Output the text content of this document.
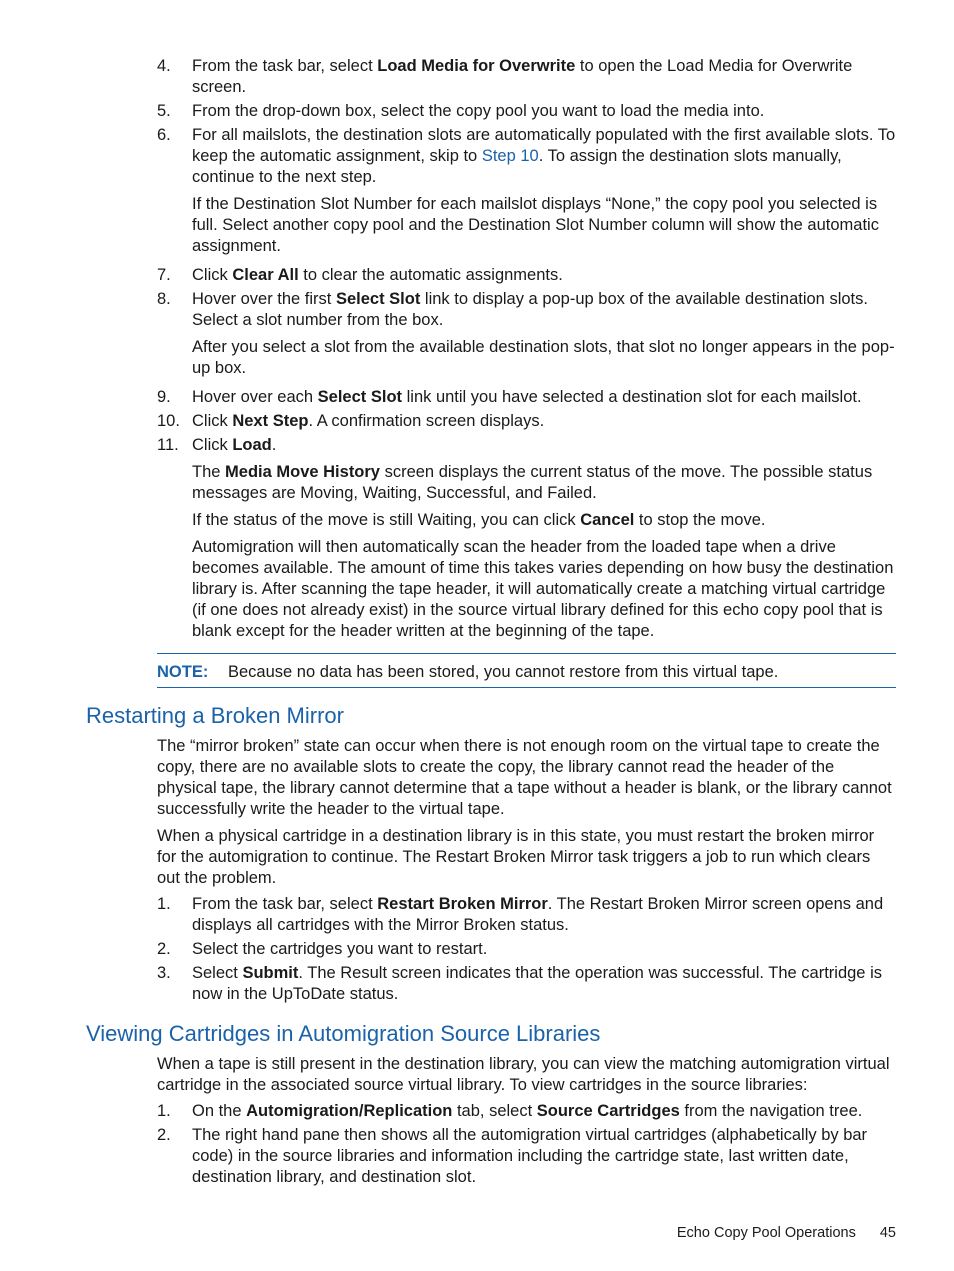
4.	From the task bar, select Load Media for Overwrite to open the Load Media for Overwrite screen.
5.	From the drop-down box, select the copy pool you want to load the media into.
6.	For all mailslots, the destination slots are automatically populated with the first available slots. To keep the automatic assignment, skip to Step 10. To assign the destination slots manually, continue to the next step.
If the Destination Slot Number for each mailslot displays “None,” the copy pool you selected is full. Select another copy pool and the Destination Slot Number column will show the automatic assignment.
7.	Click Clear All to clear the automatic assignments.
8.	Hover over the first Select Slot link to display a pop-up box of the available destination slots. Select a slot number from the box.
After you select a slot from the available destination slots, that slot no longer appears in the pop-up box.
9.	Hover over each Select Slot link until you have selected a destination slot for each mailslot.
10. Click Next Step. A confirmation screen displays.
11. Click Load.
The Media Move History screen displays the current status of the move. The possible status messages are Moving, Waiting, Successful, and Failed.
If the status of the move is still Waiting, you can click Cancel to stop the move.
Automigration will then automatically scan the header from the loaded tape when a drive becomes available. The amount of time this takes varies depending on how busy the destination library is. After scanning the tape header, it will automatically create a matching virtual cartridge (if one does not already exist) in the source virtual library defined for this echo copy pool that is blank except for the header written at the beginning of the tape.
NOTE: Because no data has been stored, you cannot restore from this virtual tape.
Restarting a Broken Mirror
The “mirror broken” state can occur when there is not enough room on the virtual tape to create the copy, there are no available slots to create the copy, the library cannot read the header of the physical tape, the library cannot determine that a tape without a header is blank, or the library cannot successfully write the header to the virtual tape.
When a physical cartridge in a destination library is in this state, you must restart the broken mirror for the automigration to continue. The Restart Broken Mirror task triggers a job to run which clears out the problem.
1.	From the task bar, select Restart Broken Mirror. The Restart Broken Mirror screen opens and displays all cartridges with the Mirror Broken status.
2.	Select the cartridges you want to restart.
3.	Select Submit. The Result screen indicates that the operation was successful. The cartridge is now in the UpToDate status.
Viewing Cartridges in Automigration Source Libraries
When a tape is still present in the destination library, you can view the matching automigration virtual cartridge in the associated source virtual library. To view cartridges in the source libraries:
1.	On the Automigration/Replication tab, select Source Cartridges from the navigation tree.
2.	The right hand pane then shows all the automigration virtual cartridges (alphabetically by bar code) in the source libraries and information including the cartridge state, last written date, destination library, and destination slot.
Echo Copy Pool Operations 45
